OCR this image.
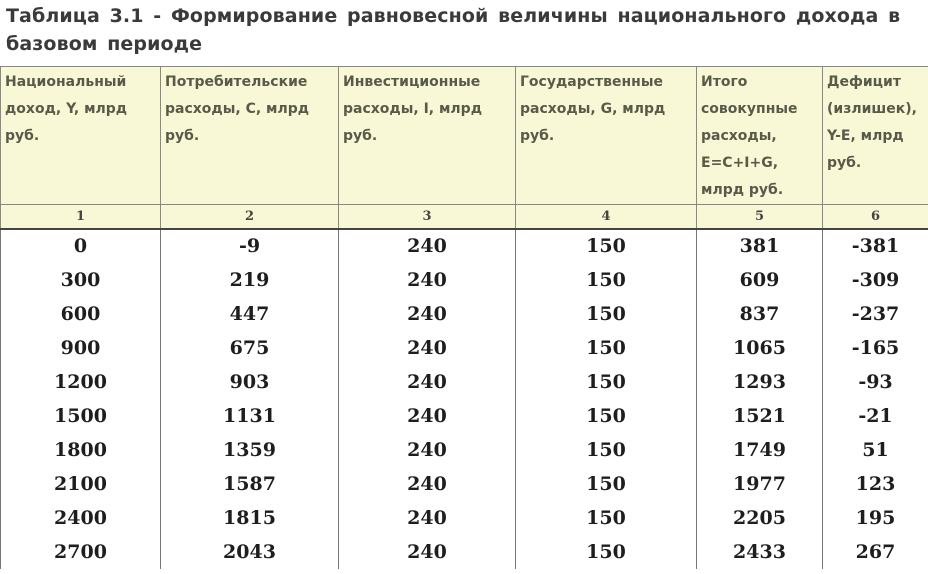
Таблица 3.1 - Формирование равновесной величины национального дохода в базовом периоде
Национальный доход, Y, млрд руб.	Потребительские расходы, C, млрд руб.	Инвестиционные расходы, I, млрд руб.	Государственные расходы, G, млрд руб.	Итого совокупные расходы, E=C+I+G, млрд руб.	Дефицит (излишек), Y-E, млрд руб.
1	2	3	4	5	6
0	-9	240	150	381	-381
300	219	240	150	609	-309
600	447	240	150	837	-237
900	675	240	150	1065	-165
1200	903	240	150	1293	-93
1500	1131	240	150	1521	-21
1800	1359	240	150	1749	51
2100	1587	240	150	1977	123
2400	1815	240	150	2205	195
2700	2043	240	150	2433	267
